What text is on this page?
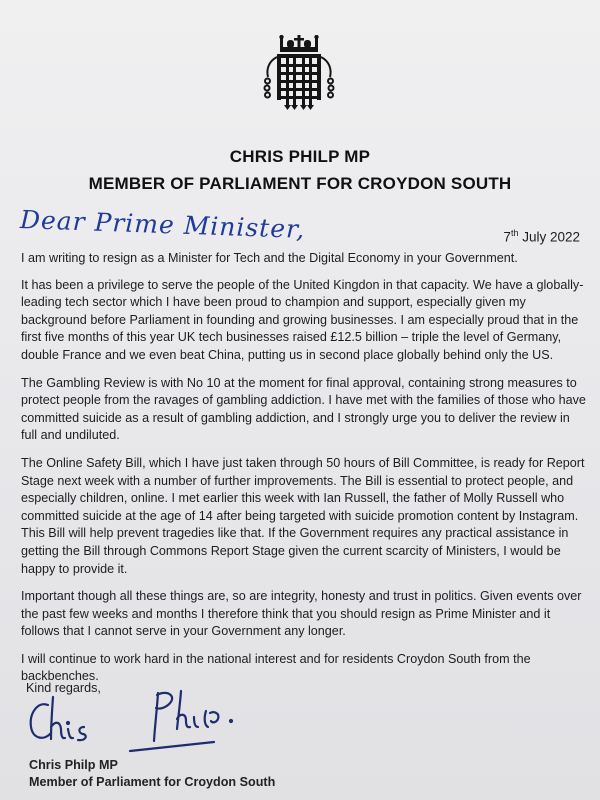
CHRIS PHILP MP
MEMBER OF PARLIAMENT FOR CROYDON SOUTH
Dear Prime Minister,	7th July 2022

I am writing to resign as a Minister for Tech and the Digital Economy in your Government.

It has been a privilege to serve the people of the United Kingdon in that capacity. We have a globally-leading tech sector which I have been proud to champion and support, especially given my background before Parliament in founding and growing businesses. I am especially proud that in the first five months of this year UK tech businesses raised £12.5 billion – triple the level of Germany, double France and we even beat China, putting us in second place globally behind only the US.

The Gambling Review is with No 10 at the moment for final approval, containing strong measures to protect people from the ravages of gambling addiction. I have met with the families of those who have committed suicide as a result of gambling addiction, and I strongly urge you to deliver the review in full and undiluted.

The Online Safety Bill, which I have just taken through 50 hours of Bill Committee, is ready for Report Stage next week with a number of further improvements. The Bill is essential to protect people, and especially children, online. I met earlier this week with Ian Russell, the father of Molly Russell who committed suicide at the age of 14 after being targeted with suicide promotion content by Instagram. This Bill will help prevent tragedies like that. If the Government requires any practical assistance in getting the Bill through Commons Report Stage given the current scarcity of Ministers, I would be happy to provide it.

Important though all these things are, so are integrity, honesty and trust in politics. Given events over the past few weeks and months I therefore think that you should resign as Prime Minister and it follows that I cannot serve in your Government any longer.

I will continue to work hard in the national interest and for residents Croydon South from the backbenches.

Kind regards,
Chris Philp MP
Member of Parliament for Croydon South
